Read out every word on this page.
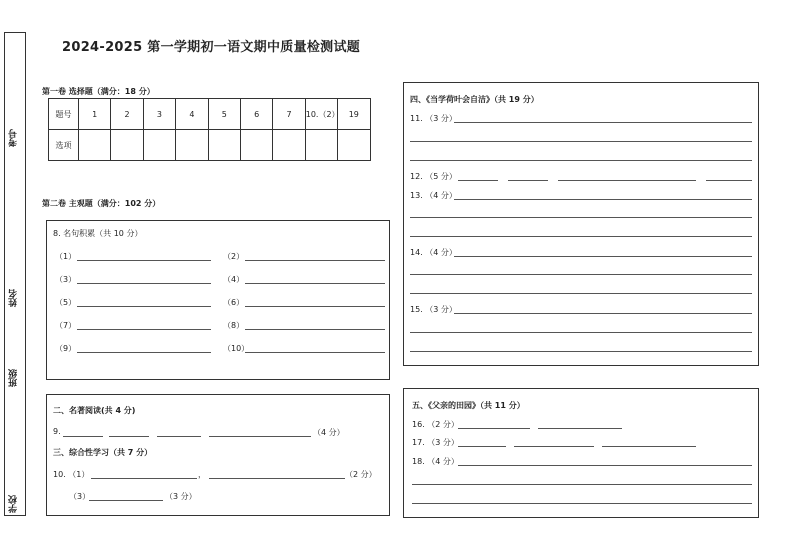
考号
姓名
班级
学校
2024-2025 第一学期初一语文期中质量检测试题
第一卷 选择题（满分：18 分）
题号	1	2	3	4	5	6	7	10.（2）	19
选项									
第二卷 主观题（满分：102 分）
8. 名句积累（共 10 分）
（1）	（2）
（3）	（4）
（5）	（6）
（7）	（8）
（9）	（10）
二、名著阅读(共 4 分)
9.	（4 分）
三、综合性学习（共 7 分）
10. （1）	，	（2 分）
（3）	（3 分）
四、《当学荷叶会自洁》（共 19 分）
11. （3 分）
12. （5 分）
13. （4 分）
14. （4 分）
15. （3 分）
五、《父亲的田园》（共 11 分）
16. （2 分）
17. （3 分）
18. （4 分）
